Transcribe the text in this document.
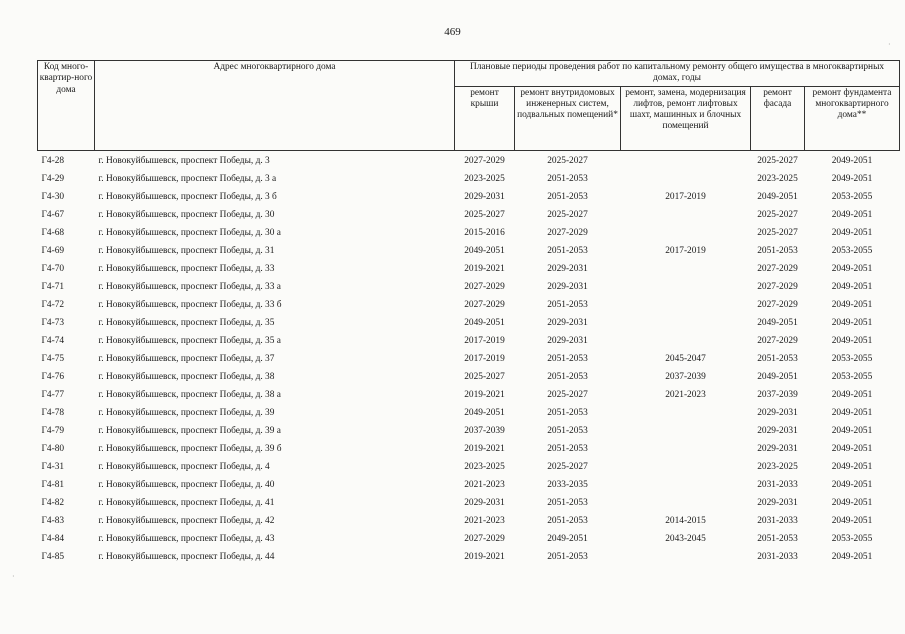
469
Код много-квартир-ного дома	Адрес многоквартирного дома	Плановые периоды проведения работ по капитальному ремонту общего имущества в многоквартирных домах, годы				
		ремонт крыши	ремонт внутридомовых инженерных систем, подвальных помещений*	ремонт, замена, модернизация лифтов, ремонт лифтовых шахт, машинных и блочных помещений	ремонт фасада	ремонт фундамента многоквартирного дома**
Г4-28	г. Новокуйбышевск, проспект Победы, д. 3	2027-2029	2025-2027		2025-2027	2049-2051
Г4-29	г. Новокуйбышевск, проспект Победы, д. 3 а	2023-2025	2051-2053		2023-2025	2049-2051
Г4-30	г. Новокуйбышевск, проспект Победы, д. 3 б	2029-2031	2051-2053	2017-2019	2049-2051	2053-2055
Г4-67	г. Новокуйбышевск, проспект Победы, д. 30	2025-2027	2025-2027		2025-2027	2049-2051
Г4-68	г. Новокуйбышевск, проспект Победы, д. 30 а	2015-2016	2027-2029		2025-2027	2049-2051
Г4-69	г. Новокуйбышевск, проспект Победы, д. 31	2049-2051	2051-2053	2017-2019	2051-2053	2053-2055
Г4-70	г. Новокуйбышевск, проспект Победы, д. 33	2019-2021	2029-2031		2027-2029	2049-2051
Г4-71	г. Новокуйбышевск, проспект Победы, д. 33 а	2027-2029	2029-2031		2027-2029	2049-2051
Г4-72	г. Новокуйбышевск, проспект Победы, д. 33 б	2027-2029	2051-2053		2027-2029	2049-2051
Г4-73	г. Новокуйбышевск, проспект Победы, д. 35	2049-2051	2029-2031		2049-2051	2049-2051
Г4-74	г. Новокуйбышевск, проспект Победы, д. 35 а	2017-2019	2029-2031		2027-2029	2049-2051
Г4-75	г. Новокуйбышевск, проспект Победы, д. 37	2017-2019	2051-2053	2045-2047	2051-2053	2053-2055
Г4-76	г. Новокуйбышевск, проспект Победы, д. 38	2025-2027	2051-2053	2037-2039	2049-2051	2053-2055
Г4-77	г. Новокуйбышевск, проспект Победы, д. 38 а	2019-2021	2025-2027	2021-2023	2037-2039	2049-2051
Г4-78	г. Новокуйбышевск, проспект Победы, д. 39	2049-2051	2051-2053		2029-2031	2049-2051
Г4-79	г. Новокуйбышевск, проспект Победы, д. 39 а	2037-2039	2051-2053		2029-2031	2049-2051
Г4-80	г. Новокуйбышевск, проспект Победы, д. 39 б	2019-2021	2051-2053		2029-2031	2049-2051
Г4-31	г. Новокуйбышевск, проспект Победы, д. 4	2023-2025	2025-2027		2023-2025	2049-2051
Г4-81	г. Новокуйбышевск, проспект Победы, д. 40	2021-2023	2033-2035		2031-2033	2049-2051
Г4-82	г. Новокуйбышевск, проспект Победы, д. 41	2029-2031	2051-2053		2029-2031	2049-2051
Г4-83	г. Новокуйбышевск, проспект Победы, д. 42	2021-2023	2051-2053	2014-2015	2031-2033	2049-2051
Г4-84	г. Новокуйбышевск, проспект Победы, д. 43	2027-2029	2049-2051	2043-2045	2051-2053	2053-2055
Г4-85	г. Новокуйбышевск, проспект Победы, д. 44	2019-2021	2051-2053		2031-2033	2049-2051
·
·
